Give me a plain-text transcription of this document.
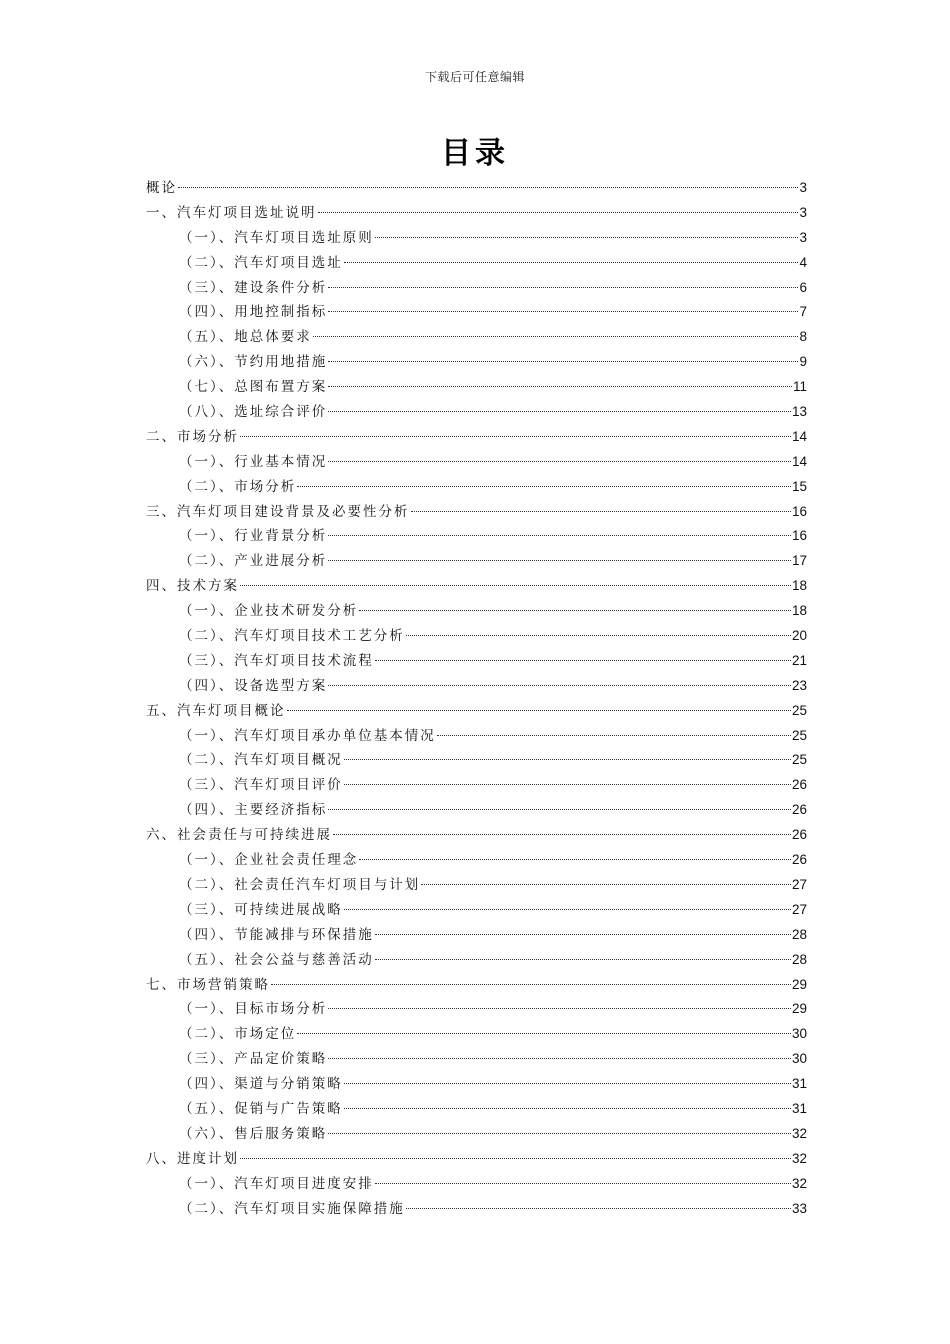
下载后可任意编辑
目录
概论	3
一、汽车灯项目选址说明	3
（一）、汽车灯项目选址原则	3
（二）、汽车灯项目选址	4
（三）、建设条件分析	6
（四）、用地控制指标	7
（五）、地总体要求	8
（六）、节约用地措施	9
（七）、总图布置方案	11
（八）、选址综合评价	13
二、市场分析	14
（一）、行业基本情况	14
（二）、市场分析	15
三、汽车灯项目建设背景及必要性分析	16
（一）、行业背景分析	16
（二）、产业进展分析	17
四、技术方案	18
（一）、企业技术研发分析	18
（二）、汽车灯项目技术工艺分析	20
（三）、汽车灯项目技术流程	21
（四）、设备选型方案	23
五、汽车灯项目概论	25
（一）、汽车灯项目承办单位基本情况	25
（二）、汽车灯项目概况	25
（三）、汽车灯项目评价	26
（四）、主要经济指标	26
六、社会责任与可持续进展	26
（一）、企业社会责任理念	26
（二）、社会责任汽车灯项目与计划	27
（三）、可持续进展战略	27
（四）、节能减排与环保措施	28
（五）、社会公益与慈善活动	28
七、市场营销策略	29
（一）、目标市场分析	29
（二）、市场定位	30
（三）、产品定价策略	30
（四）、渠道与分销策略	31
（五）、促销与广告策略	31
（六）、售后服务策略	32
八、进度计划	32
（一）、汽车灯项目进度安排	32
（二）、汽车灯项目实施保障措施	33
